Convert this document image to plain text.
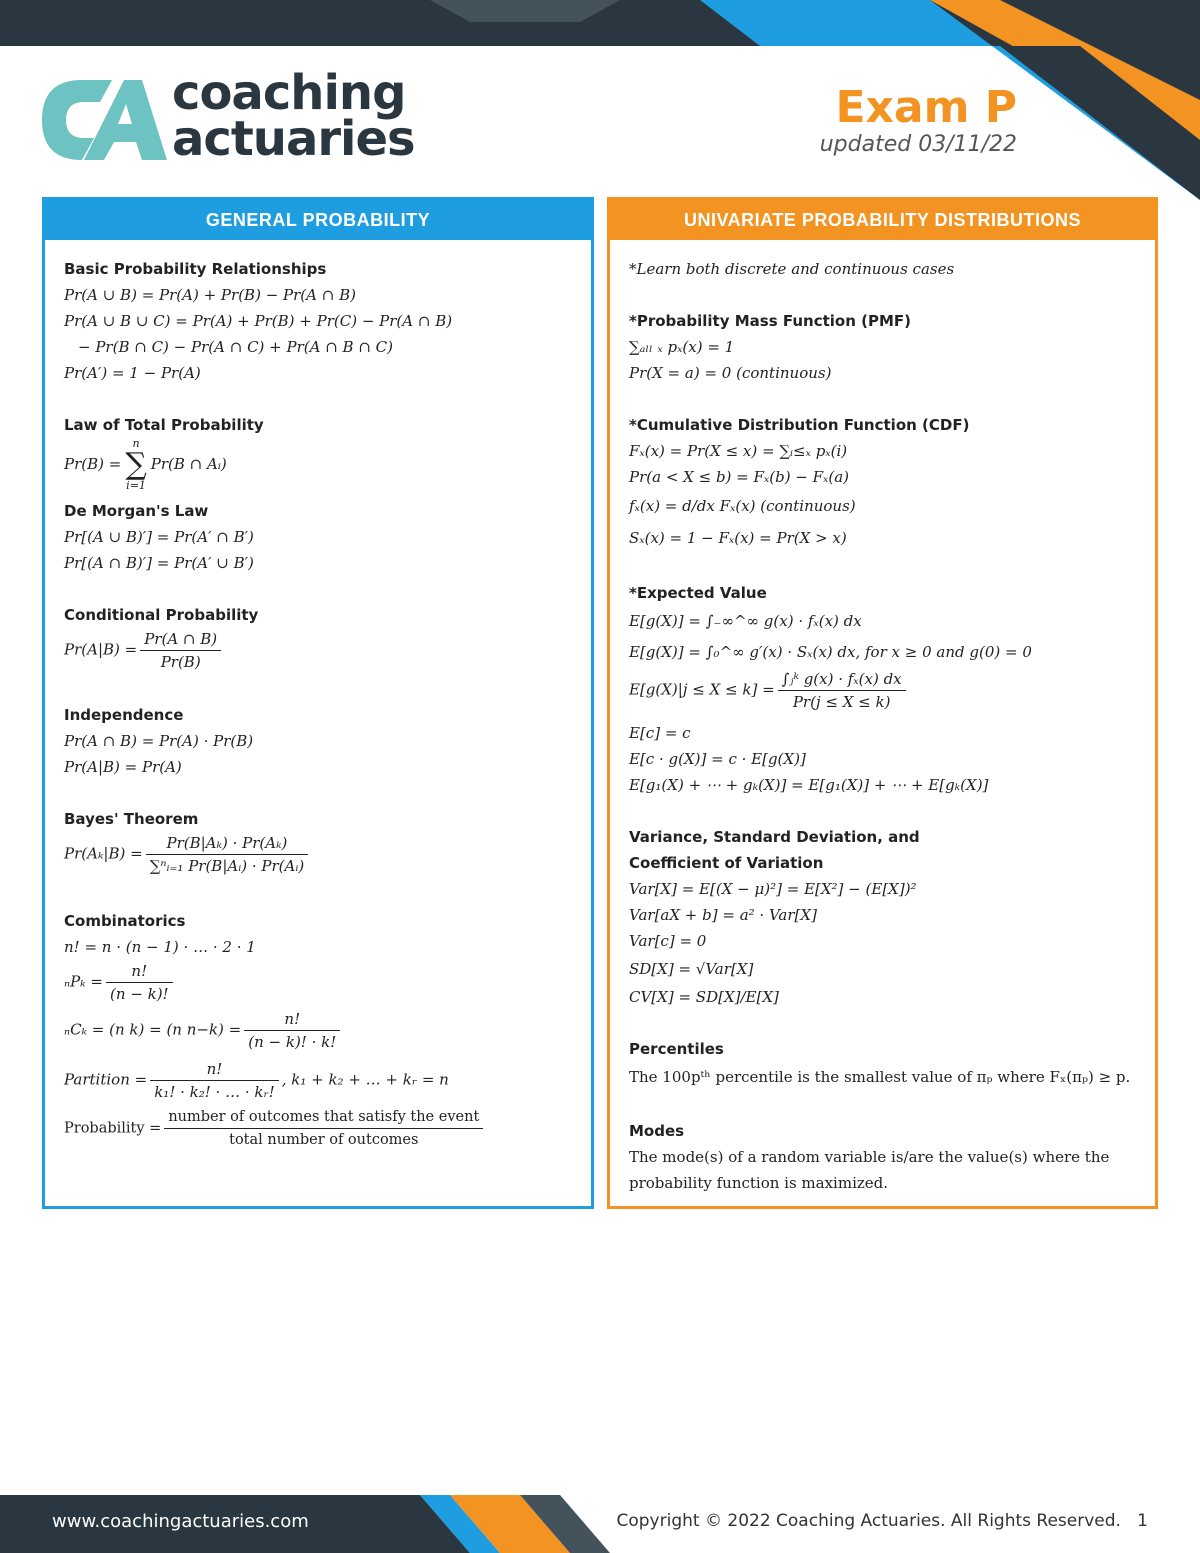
coaching
actuaries
Exam P
updated 03/11/22
GENERAL PROBABILITY
Basic Probability Relationships
Pr(A ∪ B) = Pr(A) + Pr(B) − Pr(A ∩ B)
Pr(A ∪ B ∪ C) = Pr(A) + Pr(B) + Pr(C) − Pr(A ∩ B)
− Pr(B ∩ C) − Pr(A ∩ C) + Pr(A ∩ B ∩ C)
Pr(A′) = 1 − Pr(A)
Law of Total Probability
Pr(B) =n
∑
i=1Pr(B ∩ Aᵢ)
De Morgan's Law
Pr[(A ∪ B)′] = Pr(A′ ∩ B′)
Pr[(A ∩ B)′] = Pr(A′ ∪ B′)
Conditional Probability
$Pr(A|B) = \frac{Pr(A \cap B)}{Pr(B)}$
Independence
Pr(A ∩ B) = Pr(A) · Pr(B)
Pr(A|B) = Pr(A)
Bayes' Theorem
$Pr(A_k|B) = \frac{\text{Pr(B|Aₖ) · Pr(Aₖ)}}{\text{∑ⁿᵢ₌₁ Pr(B|Aᵢ) · Pr(Aᵢ)}}$
Combinatorics
n! = n · (n − 1) · … · 2 · 1
$_nP_k = \frac{n!}{(n - k)!}$
ₙCₖ = (n k) = (n $n-k) = \frac{n!}{(n - k)! \cdot k!}$
Partition = $\frac{n!}{\text{k₁! · k₂! · … · kᵣ!}}$ , k₁ + k₂ + … + kᵣ = n
Probability = $\frac{\text{number of outcomes that satisfy the event}}{\text{total number of outcomes}}$
UNIVARIATE PROBABILITY DISTRIBUTIONS
*Learn both discrete and continuous cases
*Probability Mass Function (PMF)
∑ₐₗₗ ₓ pₓ(x) = 1
Pr(X = a) = 0 (continuous)
*Cumulative Distribution Function (CDF)
Fₓ(x) = Pr(X ≤ x) = ∑ᵢ≤ₓ pₓ(i)
Pr(a < X ≤ b) = Fₓ(b) − Fₓ(a)
fₓ(x) = d/dx Fₓ(x) (continuous)
Sₓ(x) = 1 − Fₓ(x) = Pr(X > x)
*Expected Value
E[g(X)] = ∫₋∞^∞ g(x) · fₓ(x) dx
E[g(X)] = ∫₀^∞ g′(x) · Sₓ(x) dx, for x ≥ 0 and g(0) = 0
$E[g(X)|j \le X \le k] = \frac{\text{∫ⱼᵏ g(x) · fₓ(x) dx}}{Pr(j \le X \le k)}$
E[c] = c
E[c · g(X)] = c · E[g(X)]
E[g₁(X) + ⋯ + gₖ(X)] = E[g₁(X)] + ⋯ + E[gₖ(X)]
Variance, Standard Deviation, and
Coefficient of Variation
Var[X] = E[(X − μ)²] = E[X²] − (E[X])²
Var[aX + b] = a² · Var[X]
Var[c] = 0
SD[X] = √Var[X]
CV[X] = SD[X]/E[X]
Percentiles
The 100pᵗʰ percentile is the smallest value of πₚ where Fₓ(πₚ) ≥ p.
Modes
The mode(s) of a random variable is/are the value(s) where the
probability function is maximized.
www.coachingactuaries.com	Copyright © 2022 Coaching Actuaries. All Rights Reserved. 1
